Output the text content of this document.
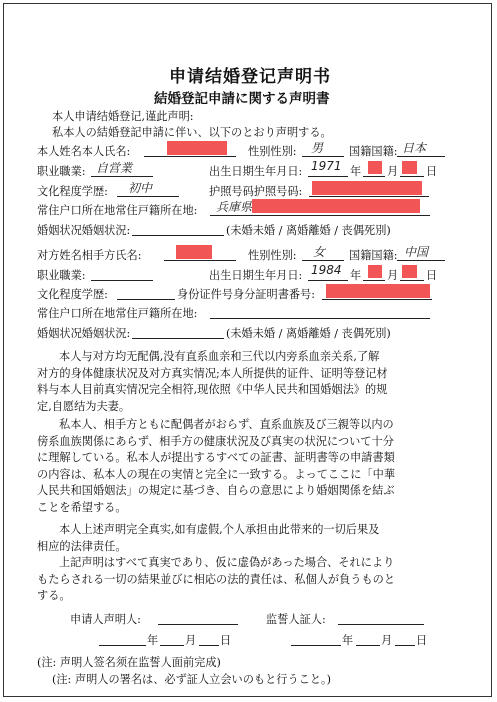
申请结婚登记声明书
結婚登記申請に関する声明書
本人申请结婚登记,谨此声明:
私本人の結婚登記申請に伴い、以下のとおり声明する。
本人姓名本人氏名:	性别性別: 男 国籍国籍: 日本
职业職業: 自営業	出生日期生年月日: 1971 年 月 日
文化程度学歴: 初中	护照号码护照号码:
常住户口所在地常住戸籍所在地: 兵庫県
婚姻状况婚姻状況:	(未婚未婚 / 离婚離婚 / 丧偶死別)
对方姓名相手方氏名:	性别性別: 女 国籍国籍: 中国
职业職業:	出生日期生年月日: 1984 年 月 日
文化程度学歴:	身份证件号身分証明書番号:
常住户口所在地常住戸籍所在地:
婚姻状况婚姻状況:	(未婚未婚 / 离婚離婚 / 丧偶死別)

本人与对方均无配偶,没有直系血亲和三代以内旁系血亲关系,了解

对方的身体健康状况及对方真实情况;本人所提供的证件、证明等登记材

料与本人目前真实情况完全相符,现依照《中华人民共和国婚姻法》的规

定,自愿结为夫妻。

私本人、相手方ともに配偶者がおらず、直系血族及び三親等以内の

傍系血族関係にあらず、相手方の健康状況及び真実の状況について十分

に理解している。私本人が提出するすべての証書、証明書等の申請書類

の内容は、私本人の現在の実情と完全に一致する。よってここに「中華

人民共和国婚姻法」の規定に基づき、自らの意思により婚姻関係を結ぶ

ことを希望する。

本人上述声明完全真实,如有虚假,个人承担由此带来的一切后果及

相应的法律责任。

上記声明はすべて真実であり、仮に虚偽があった場合、それにより

もたらされる一切の結果並びに相応の法的責任は、私個人が負うものと

する。

申请人声明人:	监誓人証人:
年 月 日	年 月 日
(注: 声明人签名须在监誓人面前完成)
(注: 声明人の署名は、必ず証人立会いのもと行うこと。)
